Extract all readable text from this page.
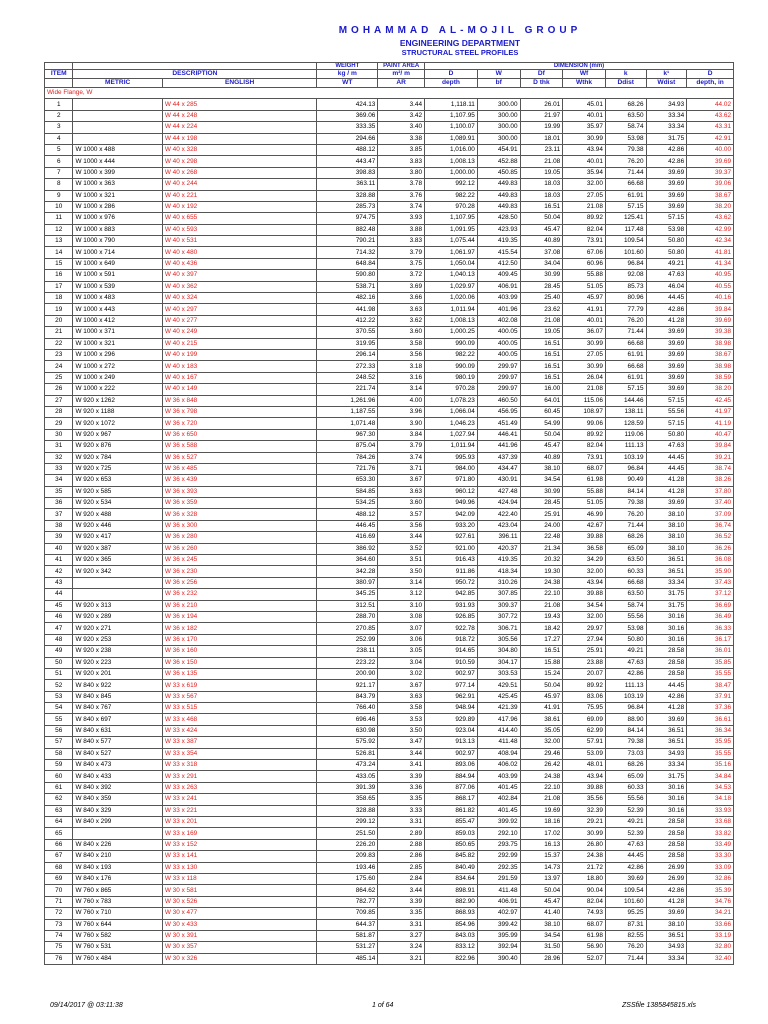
MOHAMMAD AL-MOJIL GROUP
ENGINEERING DEPARTMENT
STRUCTURAL STEEL PROFILES
			WEIGHT	PAINT AREA	DIMENSION (mm)						
ITEM	DESCRIPTION		kg / m	m²/ m	D	W	Df	Wf	k	k¹	D
	METRIC	ENGLISH	WT	AR	depth	bf	D thk	Wthk	Ddist	Wdist	depth, in
Wide Flange, W											
1		W 44 x 285	424.13	3.44	1,118.11	300.00	26.01	45.01	68.26	34.93	44.02
2		W 44 x 248	369.06	3.42	1,107.95	300.00	21.97	40.01	63.50	33.34	43.62
3		W 44 x 224	333.35	3.40	1,100.07	300.00	19.99	35.97	58.74	33.34	43.31
4		W 44 x 198	294.66	3.38	1,089.91	300.00	18.01	30.99	53.98	31.75	42.91
5	W 1000 x 488	W 40 x 328	488.12	3.85	1,016.00	454.91	23.11	43.94	79.38	42.86	40.00
6	W 1000 x 444	W 40 x 298	443.47	3.83	1,008.13	452.88	21.08	40.01	76.20	42.86	39.69
7	W 1000 x 399	W 40 x 268	398.83	3.80	1,000.00	450.85	19.05	35.94	71.44	39.69	39.37
8	W 1000 x 363	W 40 x 244	363.11	3.78	992.12	449.83	18.03	32.00	66.68	39.69	39.06
9	W 1000 x 321	W 40 x 221	328.88	3.76	982.22	449.83	18.03	27.05	61.91	39.69	38.67
10	W 1000 x 286	W 40 x 192	285.73	3.74	970.28	449.83	16.51	21.08	57.15	39.69	38.20
11	W 1000 x 976	W 40 x 655	974.75	3.93	1,107.95	428.50	50.04	89.92	125.41	57.15	43.62
12	W 1000 x 883	W 40 x 593	882.48	3.88	1,091.95	423.93	45.47	82.04	117.48	53.98	42.99
13	W 1000 x 790	W 40 x 531	790.21	3.83	1,075.44	419.35	40.89	73.91	109.54	50.80	42.34
14	W 1000 x 714	W 40 x 480	714.32	3.79	1,061.97	415.54	37.08	67.06	101.60	50.80	41.81
15	W 1000 x 649	W 40 x 436	648.84	3.75	1,050.04	412.50	34.04	60.96	96.84	49.21	41.34
16	W 1000 x 591	W 40 x 397	590.80	3.72	1,040.13	409.45	30.99	55.88	92.08	47.63	40.95
17	W 1000 x 539	W 40 x 362	538.71	3.69	1,029.97	406.91	28.45	51.05	85.73	46.04	40.55
18	W 1000 x 483	W 40 x 324	482.16	3.66	1,020.06	403.99	25.40	45.97	80.96	44.45	40.16
19	W 1000 x 443	W 40 x 297	441.98	3.63	1,011.94	401.96	23.62	41.91	77.79	42.86	39.84
20	W 1000 x 412	W 40 x 277	412.22	3.62	1,008.13	402.08	21.08	40.01	76.20	41.28	39.69
21	W 1000 x 371	W 40 x 249	370.55	3.60	1,000.25	400.05	19.05	36.07	71.44	39.69	39.38
22	W 1000 x 321	W 40 x 215	319.95	3.58	990.09	400.05	16.51	30.99	66.68	39.69	38.98
23	W 1000 x 296	W 40 x 199	296.14	3.56	982.22	400.05	16.51	27.05	61.91	39.69	38.67
24	W 1000 x 272	W 40 x 183	272.33	3.18	990.09	299.97	16.51	30.99	66.68	39.69	38.98
25	W 1000 x 249	W 40 x 167	248.52	3.16	980.19	299.97	16.51	26.04	61.91	39.69	38.59
26	W 1000 x 222	W 40 x 149	221.74	3.14	970.28	299.97	16.00	21.08	57.15	39.69	38.20
27	W 920 x 1262	W 36 x 848	1,261.96	4.00	1,078.23	460.50	64.01	115.06	144.46	57.15	42.45
28	W 920 x 1188	W 36 x 798	1,187.55	3.96	1,066.04	456.95	60.45	108.97	138.11	55.56	41.97
29	W 920 x 1072	W 36 x 720	1,071.48	3.90	1,046.23	451.49	54.99	99.06	128.59	57.15	41.19
30	W 920 x 967	W 36 x 650	967.30	3.84	1,027.94	446.41	50.04	89.92	119.06	50.80	40.47
31	W 920 x 876	W 36 x 588	875.04	3.79	1,011.94	441.96	45.47	82.04	111.13	47.63	39.84
32	W 920 x 784	W 36 x 527	784.26	3.74	995.93	437.39	40.89	73.91	103.19	44.45	39.21
33	W 920 x 725	W 36 x 485	721.76	3.71	984.00	434.47	38.10	68.07	96.84	44.45	38.74
34	W 920 x 653	W 36 x 439	653.30	3.67	971.80	430.91	34.54	61.98	90.49	41.28	38.26
35	W 920 x 585	W 36 x 393	584.85	3.63	960.12	427.48	30.99	55.88	84.14	41.28	37.80
36	W 920 x 534	W 36 x 359	534.25	3.60	949.96	424.94	28.45	51.05	79.38	39.69	37.40
37	W 920 x 488	W 36 x 328	488.12	3.57	942.09	422.40	25.91	46.99	76.20	38.10	37.09
38	W 920 x 446	W 36 x 300	446.45	3.56	933.20	423.04	24.00	42.67	71.44	38.10	36.74
39	W 920 x 417	W 36 x 280	416.69	3.44	927.61	396.11	22.48	39.88	68.26	38.10	36.52
40	W 920 x 387	W 36 x 260	386.92	3.52	921.00	420.37	21.34	36.58	65.09	38.10	36.26
41	W 920 x 365	W 36 x 245	364.60	3.51	916.43	419.35	20.32	34.29	63.50	36.51	36.08
42	W 920 x 342	W 36 x 230	342.28	3.50	911.86	418.34	19.30	32.00	60.33	36.51	35.90
43		W 36 x 256	380.97	3.14	950.72	310.26	24.38	43.94	66.68	33.34	37.43
44		W 36 x 232	345.25	3.12	942.85	307.85	22.10	39.88	63.50	31.75	37.12
45	W 920 x 313	W 36 x 210	312.51	3.10	931.93	309.37	21.08	34.54	58.74	31.75	36.69
46	W 920 x 289	W 36 x 194	288.70	3.08	926.85	307.72	19.43	32.00	55.56	30.16	36.49
47	W 920 x 271	W 36 x 182	270.85	3.07	922.78	306.71	18.42	29.97	53.98	30.16	36.33
48	W 920 x 253	W 36 x 170	252.99	3.06	918.72	305.56	17.27	27.94	50.80	30.16	36.17
49	W 920 x 238	W 36 x 160	238.11	3.05	914.65	304.80	16.51	25.91	49.21	28.58	36.01
50	W 920 x 223	W 36 x 150	223.22	3.04	910.59	304.17	15.88	23.88	47.63	28.58	35.85
51	W 920 x 201	W 36 x 135	200.90	3.02	902.97	303.53	15.24	20.07	42.86	28.58	35.55
52	W 840 x 922	W 33 x 619	921.17	3.67	977.14	429.51	50.04	89.92	111.13	44.45	38.47
53	W 840 x 845	W 33 x 567	843.79	3.63	962.91	425.45	45.97	83.06	103.19	42.86	37.91
54	W 840 x 767	W 33 x 515	766.40	3.58	948.94	421.39	41.91	75.95	96.84	41.28	37.36
55	W 840 x 697	W 33 x 468	696.46	3.53	929.89	417.96	38.61	69.09	88.90	39.69	36.61
56	W 840 x 631	W 33 x 424	630.98	3.50	923.04	414.40	35.05	62.99	84.14	36.51	36.34
57	W 840 x 577	W 33 x 387	575.92	3.47	913.13	411.48	32.00	57.91	79.38	36.51	35.95
58	W 840 x 527	W 33 x 354	526.81	3.44	902.97	408.94	29.46	53.09	73.03	34.93	35.55
59	W 840 x 473	W 33 x 318	473.24	3.41	893.06	406.02	26.42	48.01	68.26	33.34	35.16
60	W 840 x 433	W 33 x 291	433.05	3.39	884.94	403.99	24.38	43.94	65.09	31.75	34.84
61	W 840 x 392	W 33 x 263	391.39	3.36	877.06	401.45	22.10	39.88	60.33	30.16	34.53
62	W 840 x 359	W 33 x 241	358.65	3.35	868.17	402.84	21.08	35.56	55.56	30.16	34.18
63	W 840 x 329	W 33 x 221	328.88	3.33	861.82	401.45	19.69	32.39	52.39	30.16	33.93
64	W 840 x 299	W 33 x 201	299.12	3.31	855.47	399.92	18.16	29.21	49.21	28.58	33.68
65		W 33 x 169	251.50	2.89	859.03	292.10	17.02	30.99	52.39	28.58	33.82
66	W 840 x 226	W 33 x 152	226.20	2.88	850.65	293.75	16.13	26.80	47.63	28.58	33.49
67	W 840 x 210	W 33 x 141	209.83	2.86	845.82	292.99	15.37	24.38	44.45	28.58	33.30
68	W 840 x 193	W 33 x 130	193.46	2.85	840.49	292.35	14.73	21.72	42.86	26.99	33.09
69	W 840 x 176	W 33 x 118	175.60	2.84	834.64	291.59	13.97	18.80	39.69	26.99	32.86
70	W 760 x 865	W 30 x 581	864.62	3.44	898.91	411.48	50.04	90.04	109.54	42.86	35.39
71	W 760 x 783	W 30 x 526	782.77	3.39	882.90	406.91	45.47	82.04	101.60	41.28	34.76
72	W 760 x 710	W 30 x 477	709.85	3.35	868.93	402.97	41.40	74.93	95.25	39.69	34.21
73	W 760 x 644	W 30 x 433	644.37	3.31	854.96	399.42	38.10	68.07	87.31	38.10	33.66
74	W 760 x 582	W 30 x 391	581.87	3.27	843.03	395.99	34.54	61.98	82.55	36.51	33.19
75	W 760 x 531	W 30 x 357	531.27	3.24	833.12	392.94	31.50	56.90	76.20	34.93	32.80
76	W 760 x 484	W 30 x 326	485.14	3.21	822.96	390.40	28.96	52.07	71.44	33.34	32.40
09/14/2017 @ 03:11:38	1 of 64	ZSSfile 1385845815.xls
